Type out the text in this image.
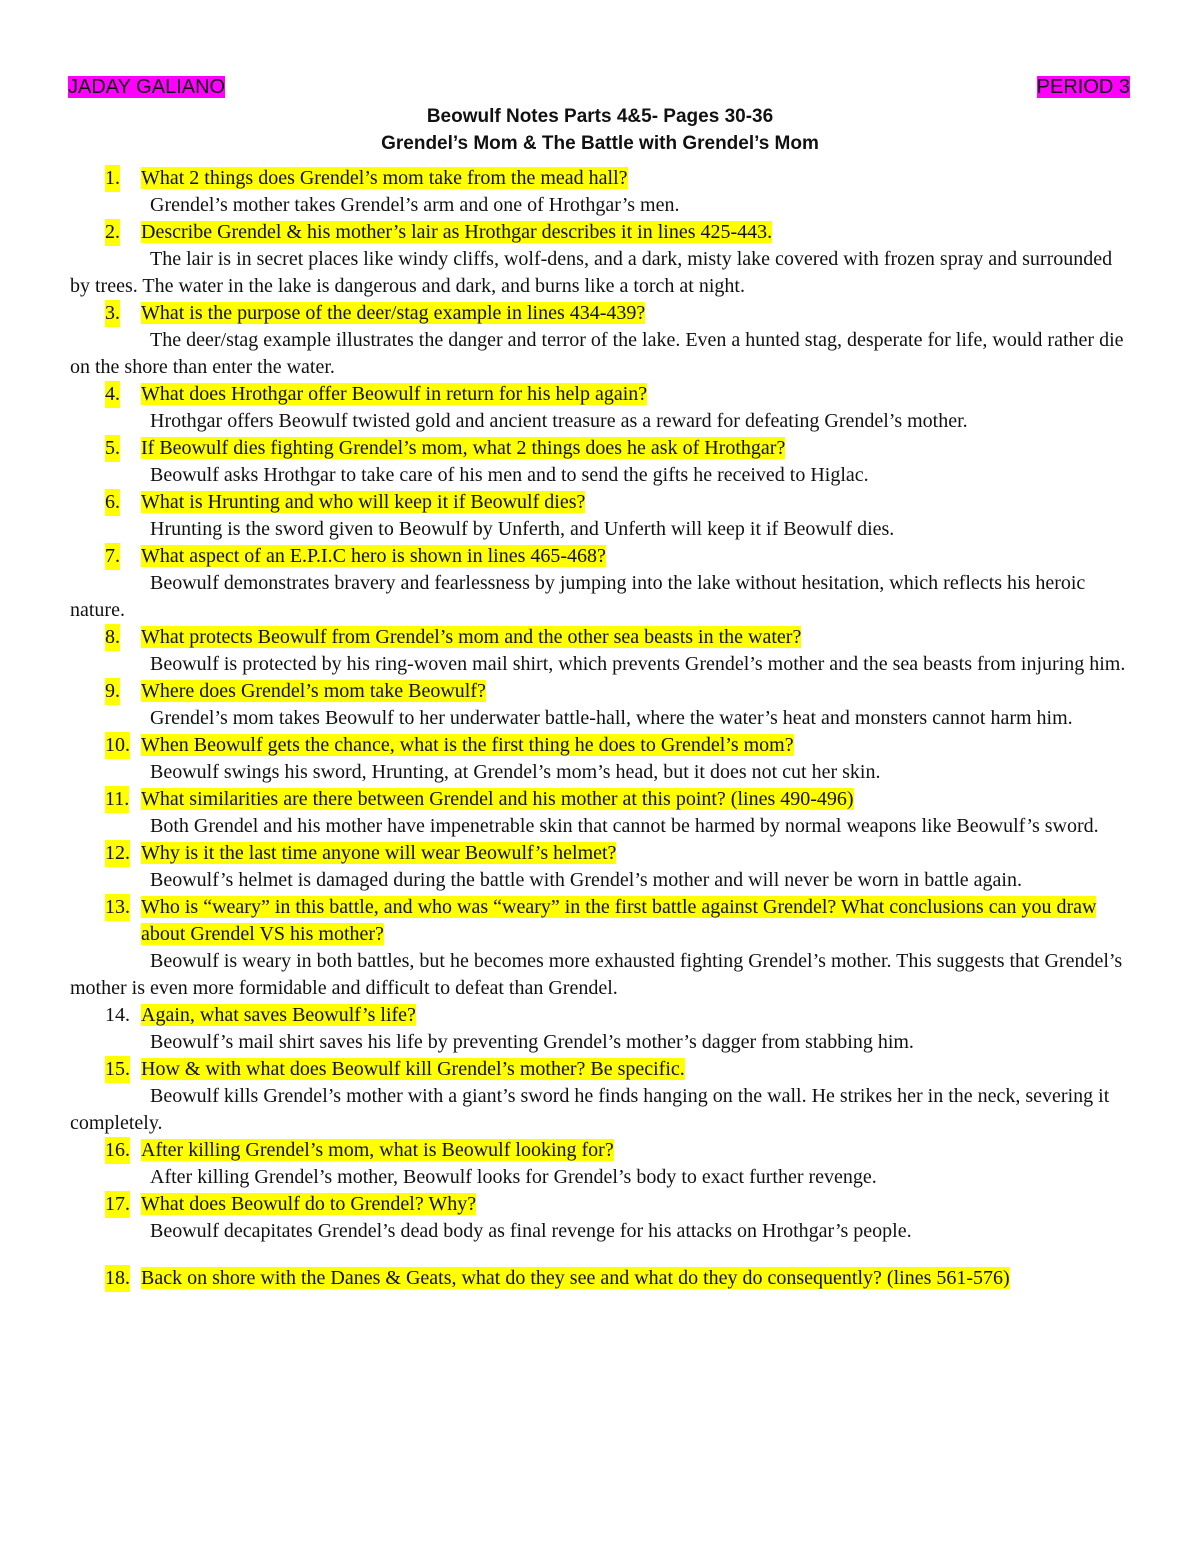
JADAY GALIANO	PERIOD 3
Beowulf Notes Parts 4&5- Pages 30-36
Grendel’s Mom & The Battle with Grendel’s Mom
1. What 2 things does Grendel’s mom take from the mead hall?
Grendel’s mother takes Grendel’s arm and one of Hrothgar’s men.
2. Describe Grendel & his mother’s lair as Hrothgar describes it in lines 425-443.
The lair is in secret places like windy cliffs, wolf-dens, and a dark, misty lake covered with frozen spray and surrounded by trees. The water in the lake is dangerous and dark, and burns like a torch at night.
3. What is the purpose of the deer/stag example in lines 434-439?
The deer/stag example illustrates the danger and terror of the lake. Even a hunted stag, desperate for life, would rather die on the shore than enter the water.
4. What does Hrothgar offer Beowulf in return for his help again?
Hrothgar offers Beowulf twisted gold and ancient treasure as a reward for defeating Grendel’s mother.
5. If Beowulf dies fighting Grendel’s mom, what 2 things does he ask of Hrothgar?
Beowulf asks Hrothgar to take care of his men and to send the gifts he received to Higlac.
6. What is Hrunting and who will keep it if Beowulf dies?
Hrunting is the sword given to Beowulf by Unferth, and Unferth will keep it if Beowulf dies.
7. What aspect of an E.P.I.C hero is shown in lines 465-468?
Beowulf demonstrates bravery and fearlessness by jumping into the lake without hesitation, which reflects his heroic nature.
8. What protects Beowulf from Grendel’s mom and the other sea beasts in the water?
Beowulf is protected by his ring-woven mail shirt, which prevents Grendel’s mother and the sea beasts from injuring him.
9. Where does Grendel’s mom take Beowulf?
Grendel’s mom takes Beowulf to her underwater battle-hall, where the water’s heat and monsters cannot harm him.
10. When Beowulf gets the chance, what is the first thing he does to Grendel’s mom?
Beowulf swings his sword, Hrunting, at Grendel’s mom’s head, but it does not cut her skin.
11. What similarities are there between Grendel and his mother at this point? (lines 490-496)
Both Grendel and his mother have impenetrable skin that cannot be harmed by normal weapons like Beowulf’s sword.
12. Why is it the last time anyone will wear Beowulf’s helmet?
Beowulf’s helmet is damaged during the battle with Grendel’s mother and will never be worn in battle again.
13. Who is “weary” in this battle, and who was “weary” in the first battle against Grendel? What conclusions can you draw about Grendel VS his mother?
Beowulf is weary in both battles, but he becomes more exhausted fighting Grendel’s mother. This suggests that Grendel’s mother is even more formidable and difficult to defeat than Grendel.
14. Again, what saves Beowulf’s life?
Beowulf’s mail shirt saves his life by preventing Grendel’s mother’s dagger from stabbing him.
15. How & with what does Beowulf kill Grendel’s mother? Be specific.
Beowulf kills Grendel’s mother with a giant’s sword he finds hanging on the wall. He strikes her in the neck, severing it completely.
16. After killing Grendel’s mom, what is Beowulf looking for?
After killing Grendel’s mother, Beowulf looks for Grendel’s body to exact further revenge.
17. What does Beowulf do to Grendel? Why?
Beowulf decapitates Grendel’s dead body as final revenge for his attacks on Hrothgar’s people.
18. Back on shore with the Danes & Geats, what do they see and what do they do consequently? (lines 561-576)
